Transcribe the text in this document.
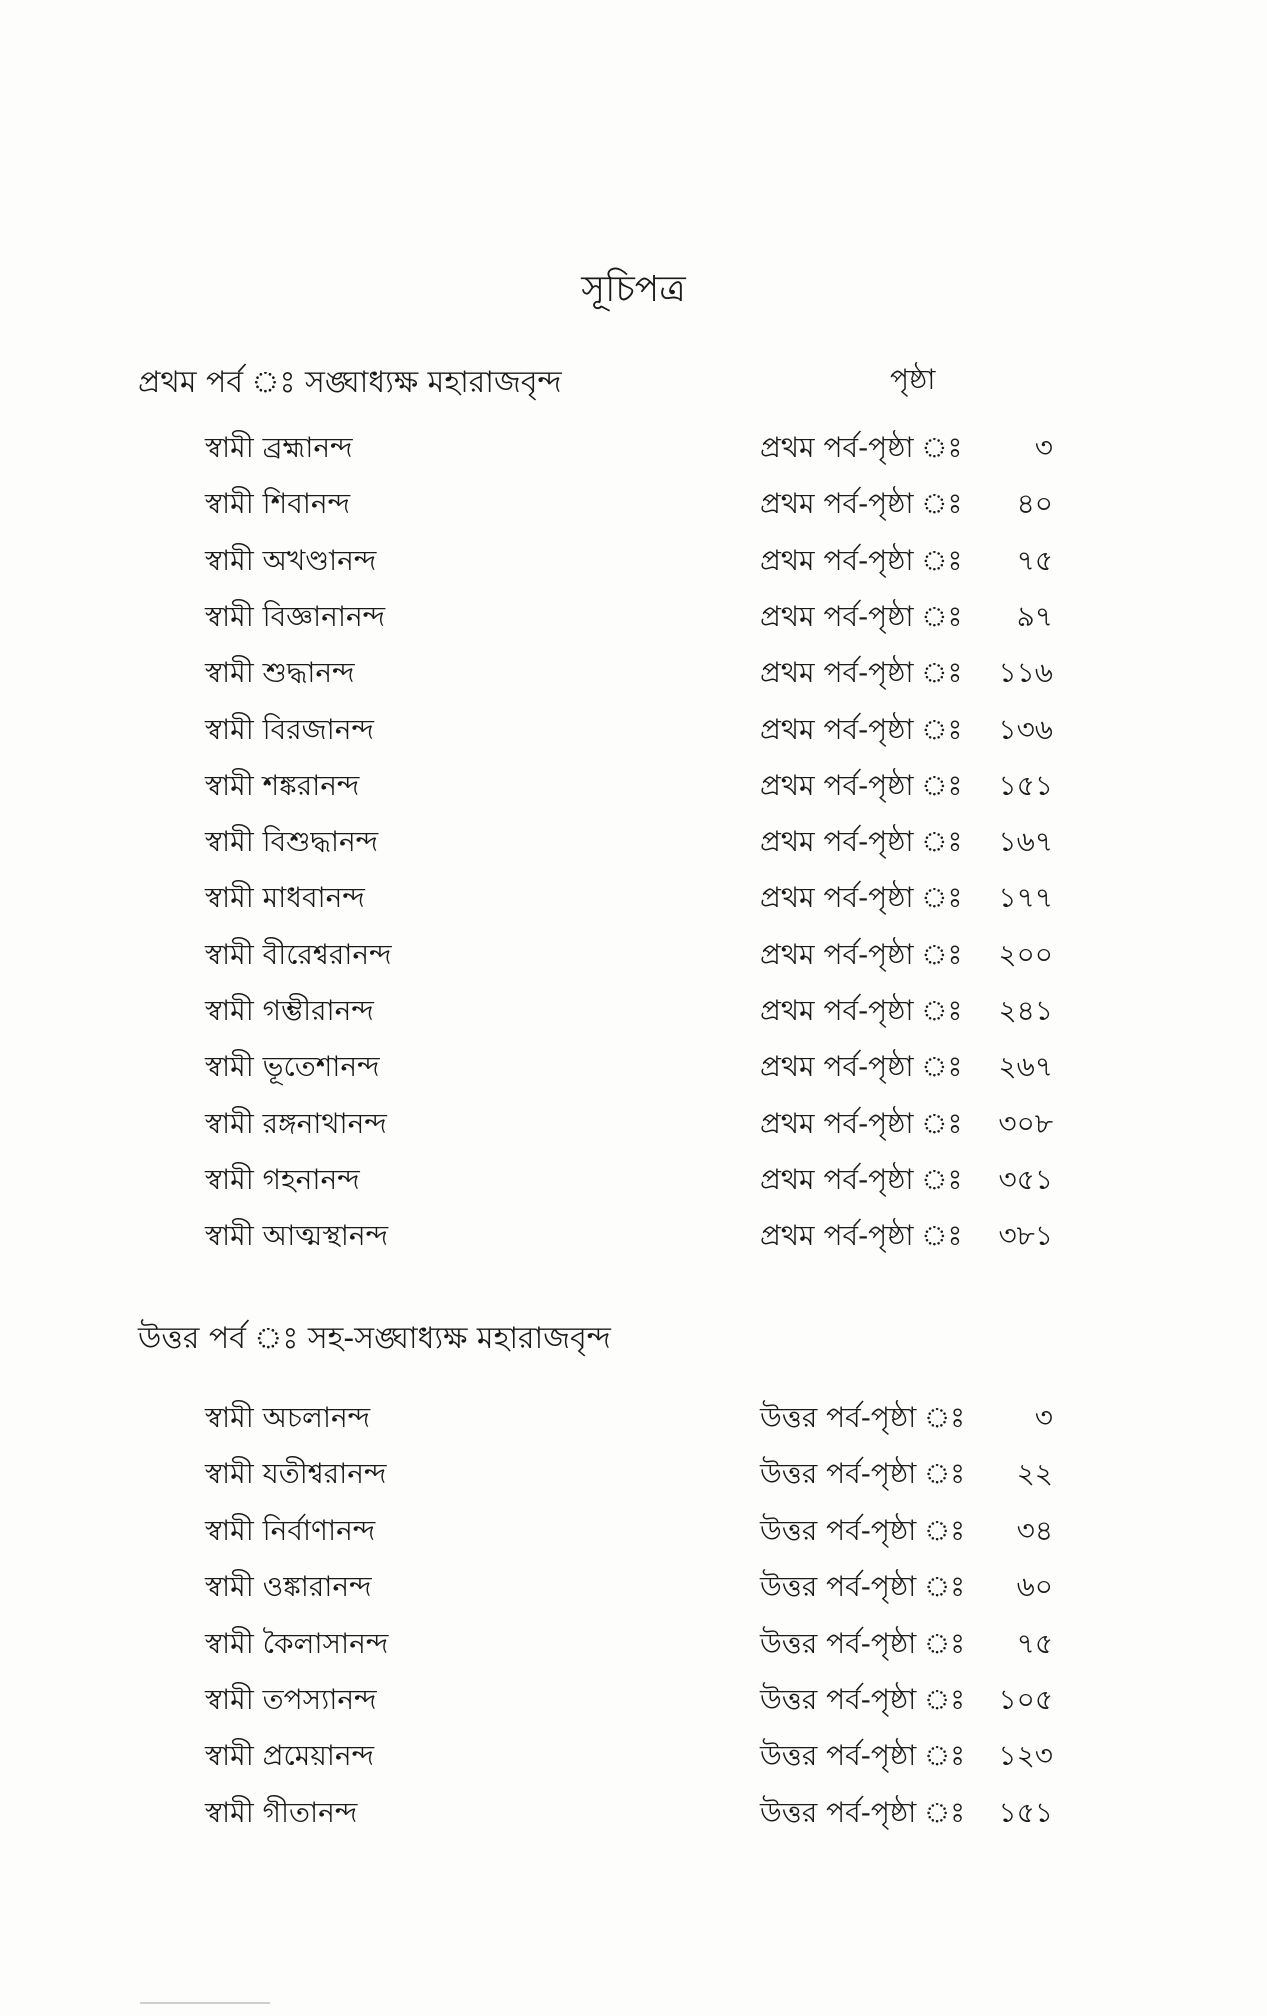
সূচিপত্র
প্রথম পর্ব ঃ সঙ্ঘাধ্যক্ষ মহারাজবৃন্দ	পৃষ্ঠা
স্বামী ব্রহ্মানন্দ	প্রথম পর্ব-পৃষ্ঠা ঃ	৩
স্বামী শিবানন্দ	প্রথম পর্ব-পৃষ্ঠা ঃ	৪০
স্বামী অখণ্ডানন্দ	প্রথম পর্ব-পৃষ্ঠা ঃ	৭৫
স্বামী বিজ্ঞানানন্দ	প্রথম পর্ব-পৃষ্ঠা ঃ	৯৭
স্বামী শুদ্ধানন্দ	প্রথম পর্ব-পৃষ্ঠা ঃ	১১৬
স্বামী বিরজানন্দ	প্রথম পর্ব-পৃষ্ঠা ঃ	১৩৬
স্বামী শঙ্করানন্দ	প্রথম পর্ব-পৃষ্ঠা ঃ	১৫১
স্বামী বিশুদ্ধানন্দ	প্রথম পর্ব-পৃষ্ঠা ঃ	১৬৭
স্বামী মাধবানন্দ	প্রথম পর্ব-পৃষ্ঠা ঃ	১৭৭
স্বামী বীরেশ্বরানন্দ	প্রথম পর্ব-পৃষ্ঠা ঃ	২০০
স্বামী গম্ভীরানন্দ	প্রথম পর্ব-পৃষ্ঠা ঃ	২৪১
স্বামী ভূতেশানন্দ	প্রথম পর্ব-পৃষ্ঠা ঃ	২৬৭
স্বামী রঙ্গনাথানন্দ	প্রথম পর্ব-পৃষ্ঠা ঃ	৩০৮
স্বামী গহনানন্দ	প্রথম পর্ব-পৃষ্ঠা ঃ	৩৫১
স্বামী আত্মস্থানন্দ	প্রথম পর্ব-পৃষ্ঠা ঃ	৩৮১
উত্তর পর্ব ঃ সহ-সঙ্ঘাধ্যক্ষ মহারাজবৃন্দ
স্বামী অচলানন্দ	উত্তর পর্ব-পৃষ্ঠা ঃ	৩
স্বামী যতীশ্বরানন্দ	উত্তর পর্ব-পৃষ্ঠা ঃ	২২
স্বামী নির্বাণানন্দ	উত্তর পর্ব-পৃষ্ঠা ঃ	৩৪
স্বামী ওঙ্কারানন্দ	উত্তর পর্ব-পৃষ্ঠা ঃ	৬০
স্বামী কৈলাসানন্দ	উত্তর পর্ব-পৃষ্ঠা ঃ	৭৫
স্বামী তপস্যানন্দ	উত্তর পর্ব-পৃষ্ঠা ঃ	১০৫
স্বামী প্রমেয়ানন্দ	উত্তর পর্ব-পৃষ্ঠা ঃ	১২৩
স্বামী গীতানন্দ	উত্তর পর্ব-পৃষ্ঠা ঃ	১৫১
